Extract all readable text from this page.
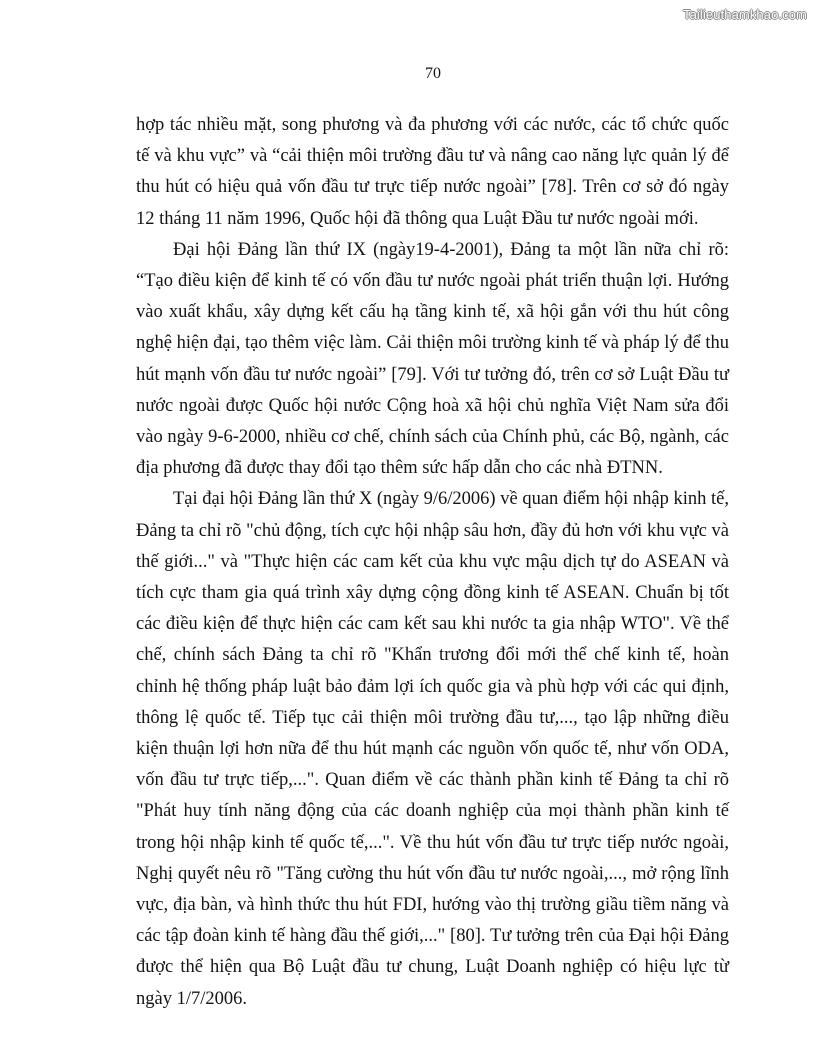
Tailieuthamkhao.com
70

hợp tác nhiều mặt, song phương và đa phương với các nước, các tổ chức quốc tế và khu vực” và “cải thiện môi trường đầu tư và nâng cao năng lực quản lý để thu hút có hiệu quả vốn đầu tư trực tiếp nước ngoài” [78]. Trên cơ sở đó ngày 12 tháng 11 năm 1996, Quốc hội đã thông qua Luật Đầu tư nước ngoài mới.

Đại hội Đảng lần thứ IX (ngày19-4-2001), Đảng ta một lần nữa chỉ rõ: “Tạo điều kiện để kinh tế có vốn đầu tư nước ngoài phát triển thuận lợi. Hướng vào xuất khẩu, xây dựng kết cấu hạ tầng kinh tế, xã hội gắn với thu hút công nghệ hiện đại, tạo thêm việc làm. Cải thiện môi trường kinh tế và pháp lý để thu hút mạnh vốn đầu tư nước ngoài” [79]. Với tư tưởng đó, trên cơ sở Luật Đầu tư nước ngoài được Quốc hội nước Cộng hoà xã hội chủ nghĩa Việt Nam sửa đổi vào ngày 9-6-2000, nhiều cơ chế, chính sách của Chính phủ, các Bộ, ngành, các địa phương đã được thay đổi tạo thêm sức hấp dẫn cho các nhà ĐTNN.

Tại đại hội Đảng lần thứ X (ngày 9/6/2006) về quan điểm hội nhập kinh tế, Đảng ta chỉ rõ "chủ động, tích cực hội nhập sâu hơn, đầy đủ hơn với khu vực và thế giới..." và "Thực hiện các cam kết của khu vực mậu dịch tự do ASEAN và tích cực tham gia quá trình xây dựng cộng đồng kinh tế ASEAN. Chuẩn bị tốt các điều kiện để thực hiện các cam kết sau khi nước ta gia nhập WTO". Về thể chế, chính sách Đảng ta chỉ rõ "Khẩn trương đổi mới thể chế kinh tế, hoàn chỉnh hệ thống pháp luật bảo đảm lợi ích quốc gia và phù hợp với các qui định, thông lệ quốc tế. Tiếp tục cải thiện môi trường đầu tư,..., tạo lập những điều kiện thuận lợi hơn nữa để thu hút mạnh các nguồn vốn quốc tế, như vốn ODA, vốn đầu tư trực tiếp,...". Quan điểm về các thành phần kinh tế Đảng ta chỉ rõ "Phát huy tính năng động của các doanh nghiệp của mọi thành phần kinh tế trong hội nhập kinh tế quốc tế,...". Về thu hút vốn đầu tư trực tiếp nước ngoài, Nghị quyết nêu rõ "Tăng cường thu hút vốn đầu tư nước ngoài,..., mở rộng lĩnh vực, địa bàn, và hình thức thu hút FDI, hướng vào thị trường giầu tiềm năng và các tập đoàn kinh tế hàng đầu thế giới,..." [80]. Tư tưởng trên của Đại hội Đảng được thể hiện qua Bộ Luật đầu tư chung, Luật Doanh nghiệp có hiệu lực từ ngày 1/7/2006.
